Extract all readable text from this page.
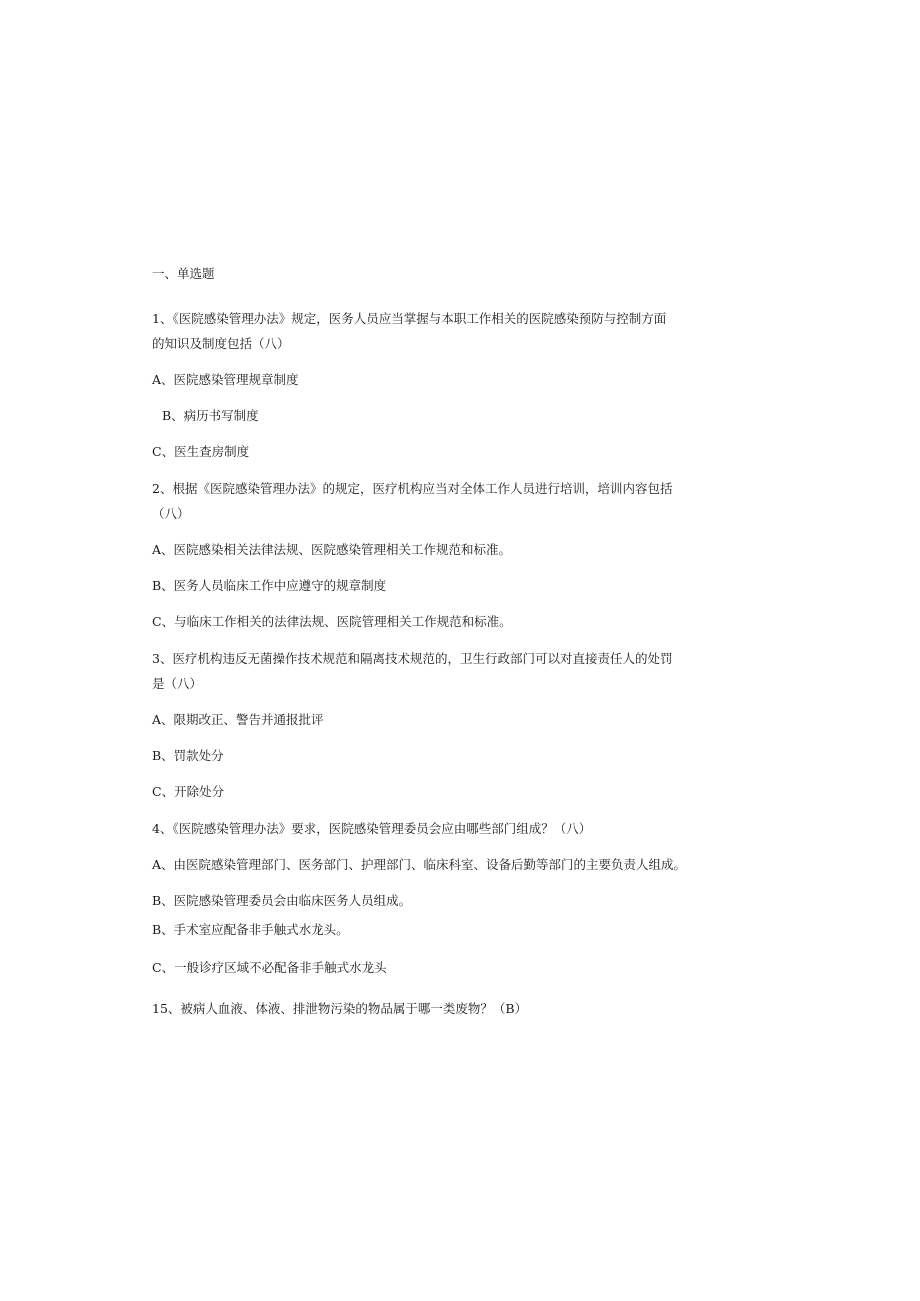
一、单选题
1、《医院感染管理办法》规定，医务人员应当掌握与本职工作相关的医院感染预防与控制方面
的知识及制度包括（八）
A、医院感染管理规章制度
B、病历书写制度
C、医生查房制度
2、根据《医院感染管理办法》的规定，医疗机构应当对全体工作人员进行培训，培训内容包括
（八）
A、医院感染相关法律法规、医院感染管理相关工作规范和标准。
B、医务人员临床工作中应遵守的规章制度
C、与临床工作相关的法律法规、医院管理相关工作规范和标准。
3、医疗机构违反无菌操作技术规范和隔离技术规范的，卫生行政部门可以对直接责任人的处罚
是（八）
A、限期改正、警告并通报批评
B、罚款处分
C、开除处分
4、《医院感染管理办法》要求，医院感染管理委员会应由哪些部门组成？（八）
A、由医院感染管理部门、医务部门、护理部门、临床科室、设备后勤等部门的主要负责人组成。
B、医院感染管理委员会由临床医务人员组成。
B、手术室应配备非手触式水龙头。
C、一般诊疗区域不必配备非手触式水龙头
15、被病人血液、体液、排泄物污染的物品属于哪一类废物？（B）
